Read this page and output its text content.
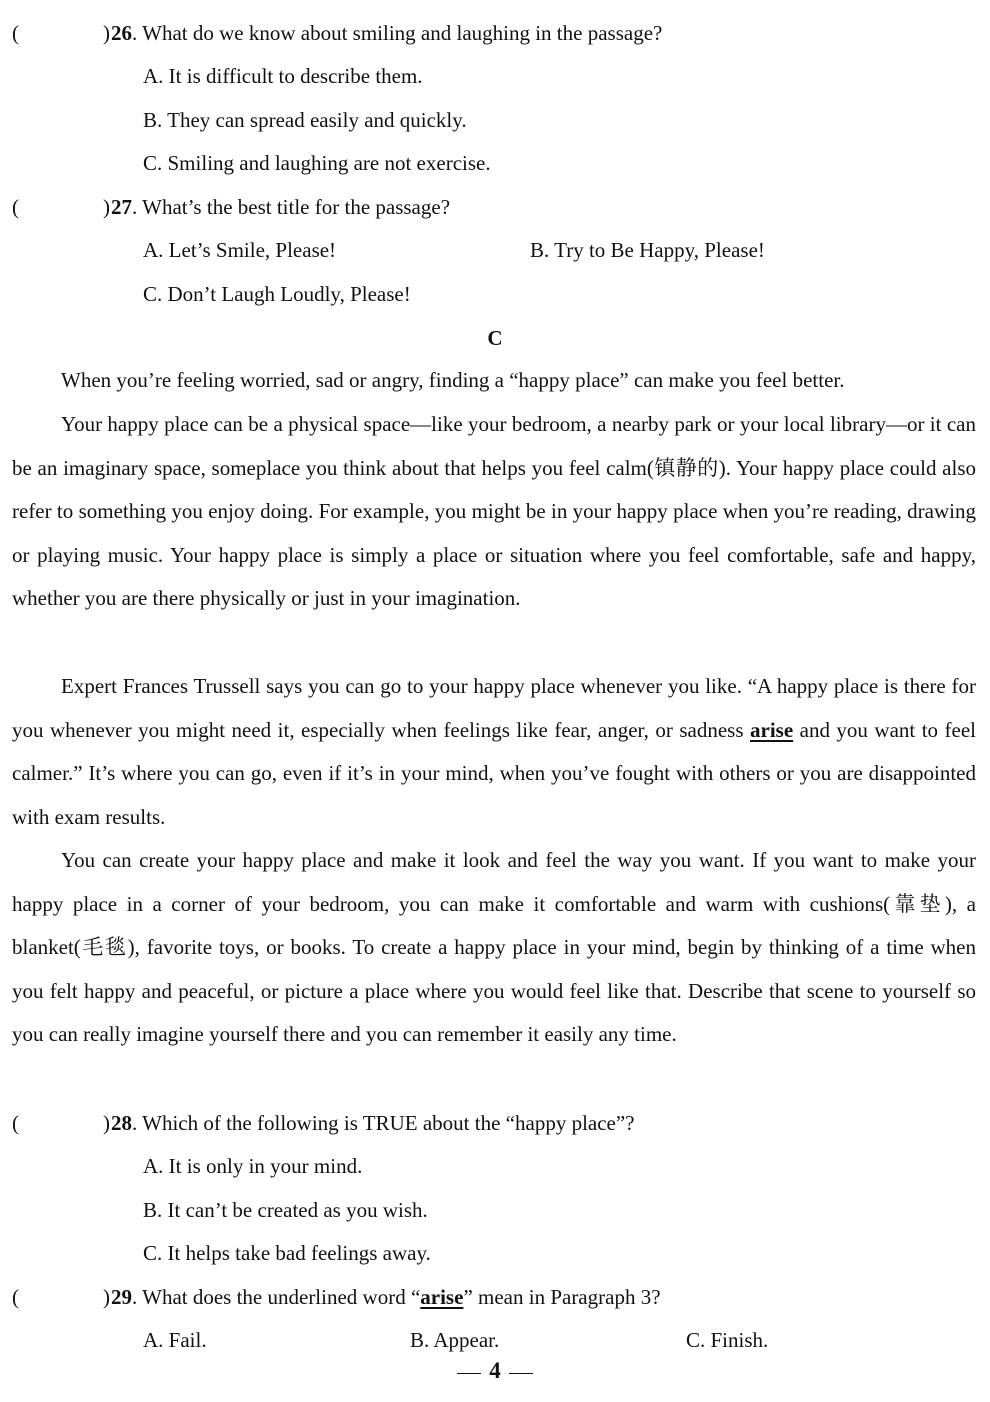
(	) 26. What do we know about smiling and laughing in the passage?
A. It is difficult to describe them.
B. They can spread easily and quickly.
C. Smiling and laughing are not exercise.
(	) 27. What’s the best title for the passage?
A. Let’s Smile, Please!	B. Try to Be Happy, Please!
C. Don’t Laugh Loudly, Please!
C

When you’re feeling worried, sad or angry, finding a “happy place” can make you feel better.

Your happy place can be a physical space—like your bedroom, a nearby park or your local library—or it can be an imaginary space, someplace you think about that helps you feel calm(镇静的). Your happy place could also refer to something you enjoy doing. For example, you might be in your happy place when you’re reading, drawing or playing music. Your happy place is simply a place or situation where you feel comfortable, safe and happy, whether you are there physically or just in your imagination.

Expert Frances Trussell says you can go to your happy place whenever you like. “A happy place is there for you whenever you might need it, especially when feelings like fear, anger, or sadness arise and you want to feel calmer.” It’s where you can go, even if it’s in your mind, when you’ve fought with others or you are disappointed with exam results.

You can create your happy place and make it look and feel the way you want. If you want to make your happy place in a corner of your bedroom, you can make it comfortable and warm with cushions(靠垫), a blanket(毛毯), favorite toys, or books. To create a happy place in your mind, begin by thinking of a time when you felt happy and peaceful, or picture a place where you would feel like that. Describe that scene to yourself so you can really imagine yourself there and you can remember it easily any time.

(	) 28. Which of the following is TRUE about the “happy place”?
A. It is only in your mind.
B. It can’t be created as you wish.
C. It helps take bad feelings away.
(	) 29. What does the underlined word “arise” mean in Paragraph 3?
A. Fail.	B. Appear.	C. Finish.
4
